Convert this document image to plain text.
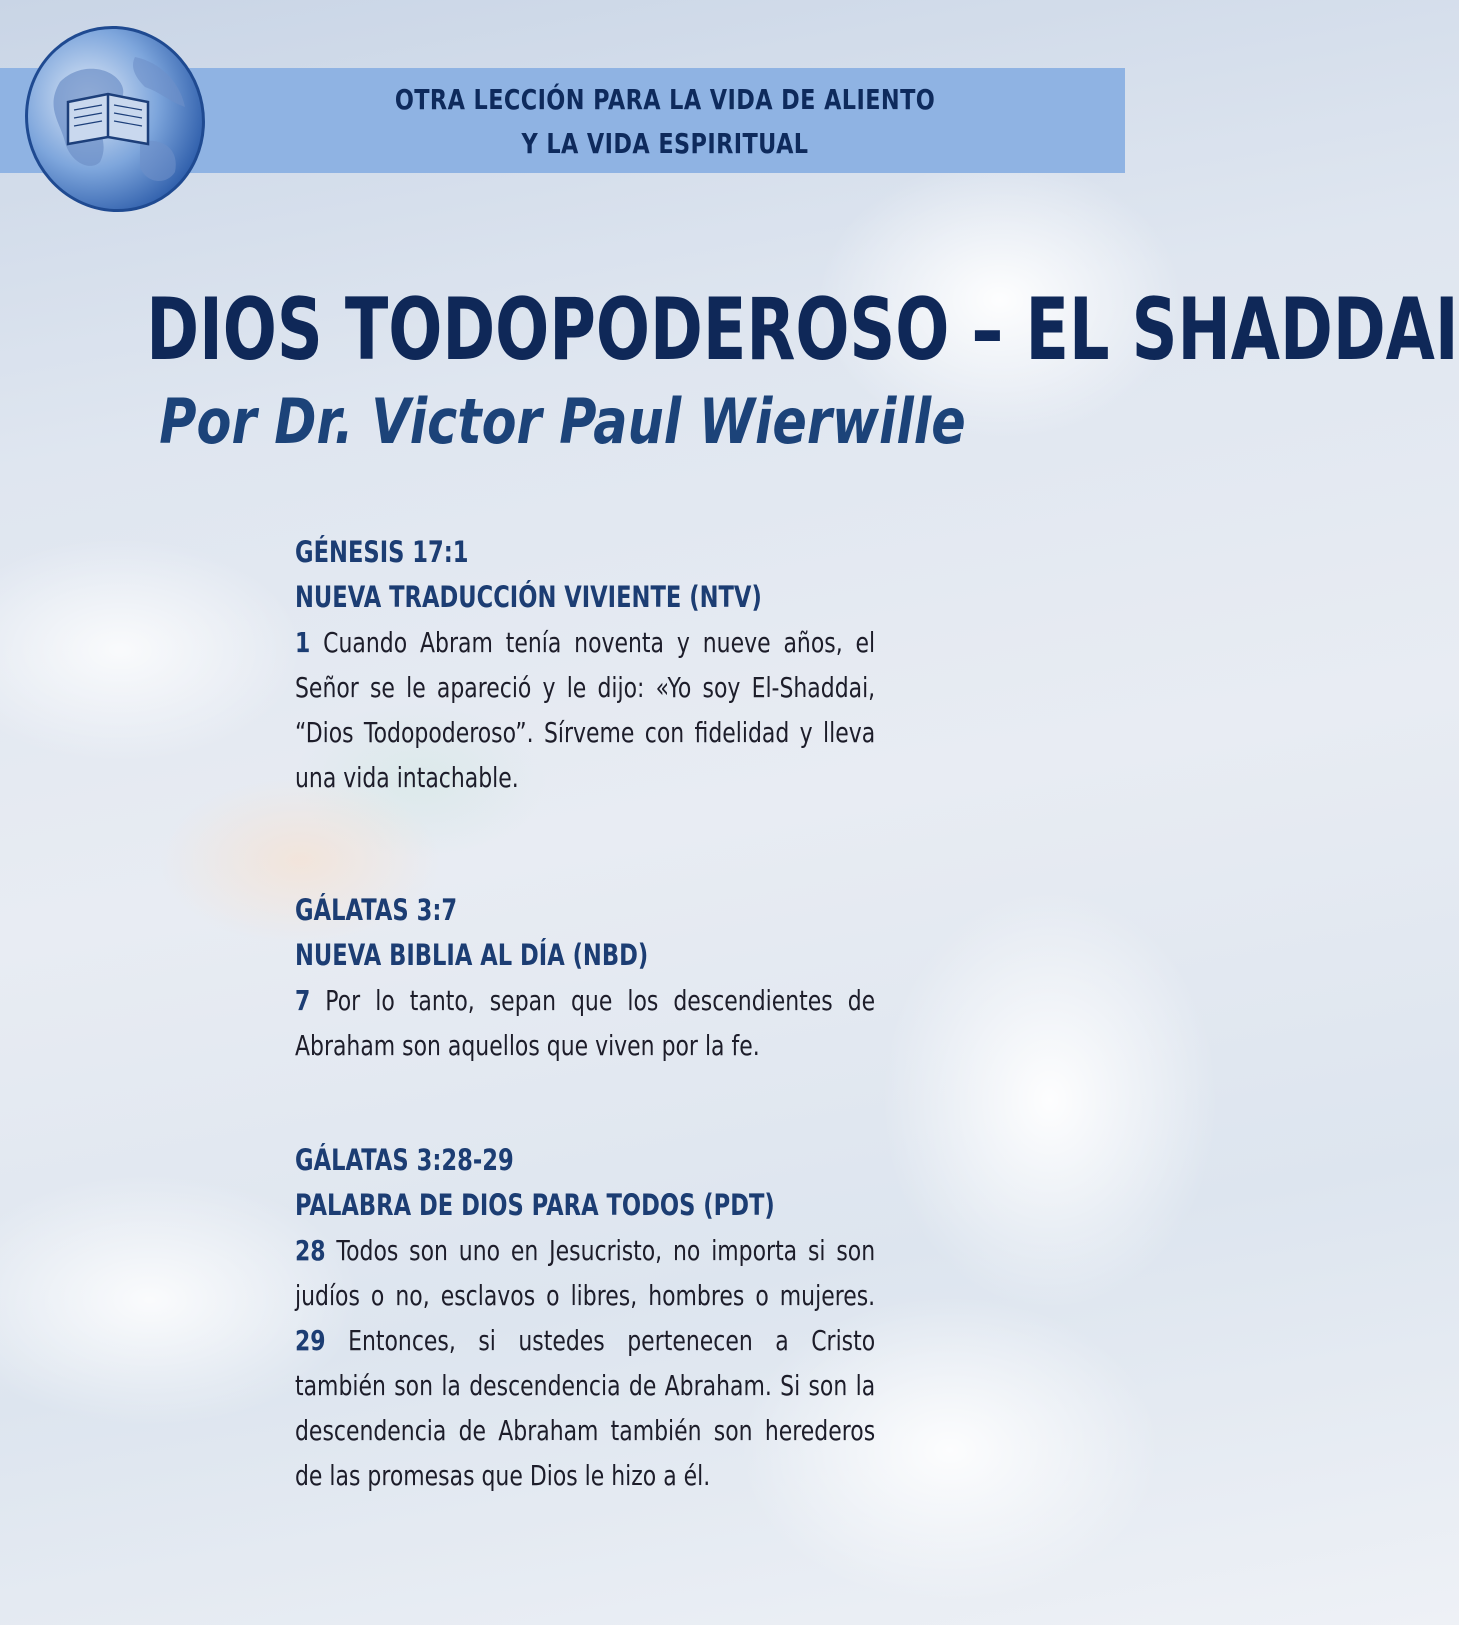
OTRA LECCIÓN PARA LA VIDA DE ALIENTO
Y LA VIDA ESPIRITUAL
DIOS TODOPODEROSO – EL SHADDAI
Por Dr. Victor Paul Wierwille
GÉNESIS 17:1
NUEVA TRADUCCIÓN VIVIENTE (NTV)
1 Cuando Abram tenía noventa y nueve años, el Señor se le apareció y le dijo: «Yo soy El-Shaddai, “Dios Todopoderoso”. Sírveme con fidelidad y lleva una vida intachable.
GÁLATAS 3:7
NUEVA BIBLIA AL DÍA (NBD)
7 Por lo tanto, sepan que los descendientes de Abraham son aquellos que viven por la fe.
GÁLATAS 3:28-29
PALABRA DE DIOS PARA TODOS (PDT)
28 Todos son uno en Jesucristo, no importa si son judíos o no, esclavos o libres, hombres o mujeres. 29 Entonces, si ustedes pertenecen a Cristo también son la descendencia de Abraham. Si son la descendencia de Abraham también son herederos de las promesas que Dios le hizo a él.
